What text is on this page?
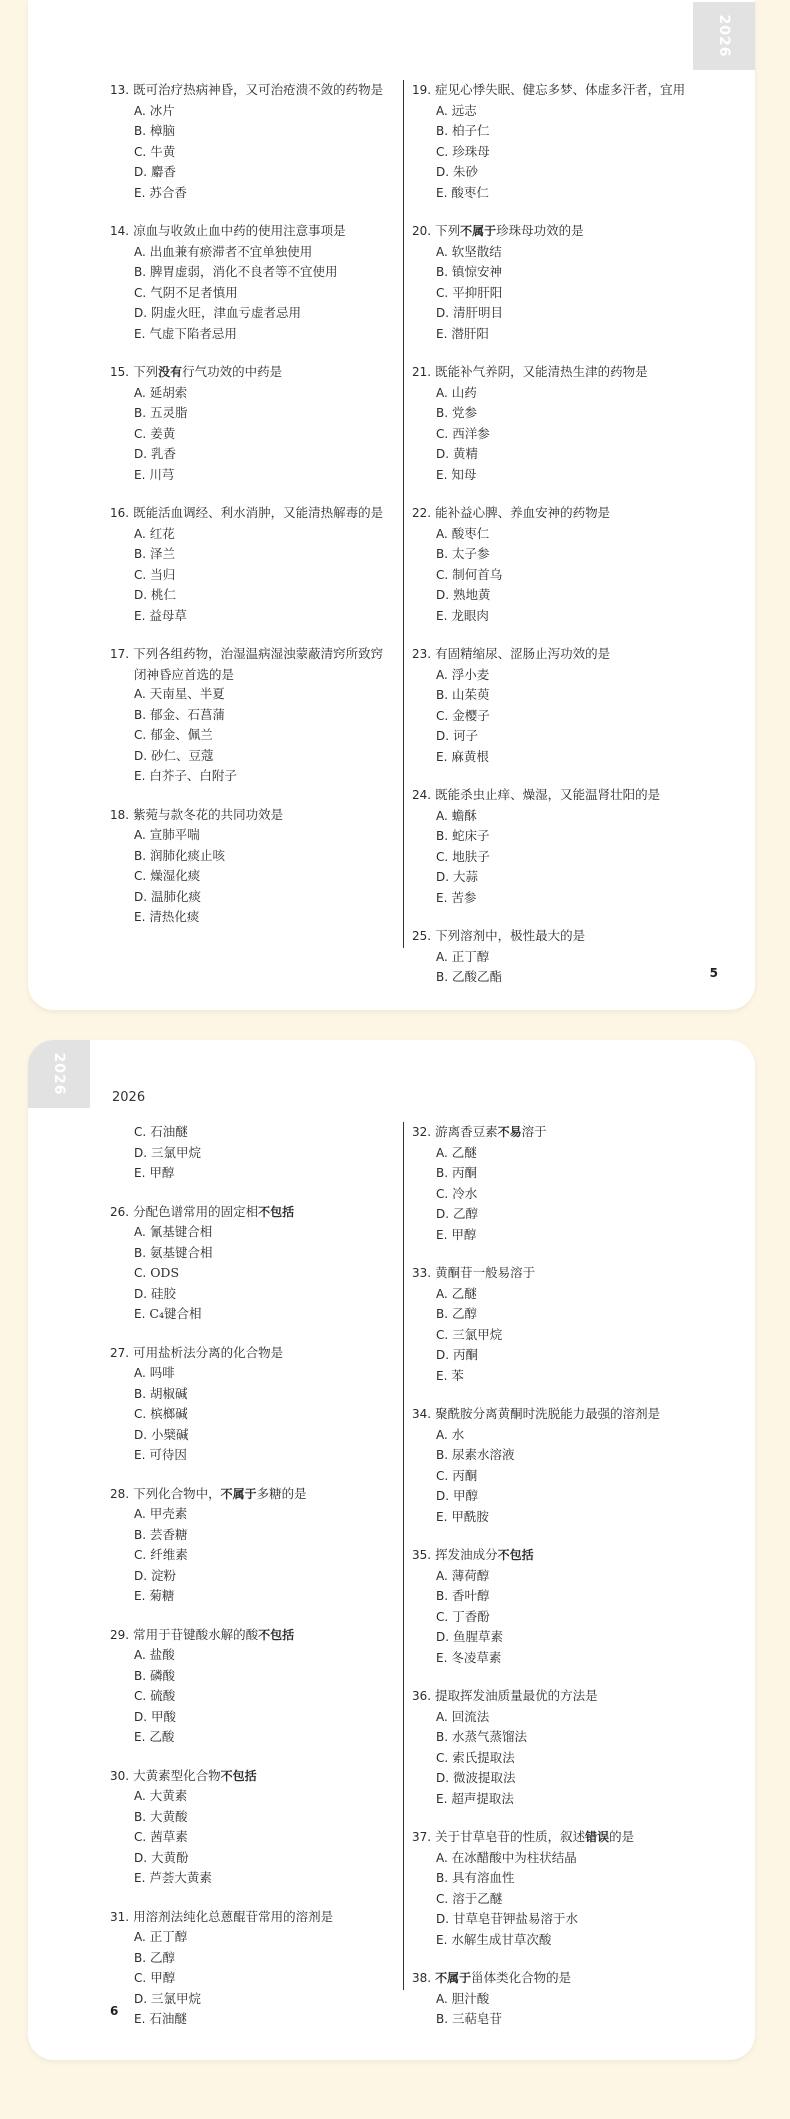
2026
13. 既可治疗热病神昏，又可治疮溃不敛的药物是
A. 冰片
B. 樟脑
C. 牛黄
D. 麝香
E. 苏合香
14. 凉血与收敛止血中药的使用注意事项是
A. 出血兼有瘀滞者不宜单独使用
B. 脾胃虚弱，消化不良者等不宜使用
C. 气阴不足者慎用
D. 阴虚火旺，津血亏虚者忌用
E. 气虚下陷者忌用
15. 下列没有行气功效的中药是
A. 延胡索
B. 五灵脂
C. 姜黄
D. 乳香
E. 川芎
16. 既能活血调经、利水消肿，又能清热解毒的是
A. 红花
B. 泽兰
C. 当归
D. 桃仁
E. 益母草
17. 下列各组药物，治湿温病湿浊蒙蔽清窍所致窍闭神昏应首选的是
A. 天南星、半夏
B. 郁金、石菖蒲
C. 郁金、佩兰
D. 砂仁、豆蔻
E. 白芥子、白附子
18. 紫菀与款冬花的共同功效是
A. 宣肺平喘
B. 润肺化痰止咳
C. 燥湿化痰
D. 温肺化痰
E. 清热化痰
19. 症见心悸失眠、健忘多梦、体虚多汗者，宜用
A. 远志
B. 柏子仁
C. 珍珠母
D. 朱砂
E. 酸枣仁
20. 下列不属于珍珠母功效的是
A. 软坚散结
B. 镇惊安神
C. 平抑肝阳
D. 清肝明目
E. 潜肝阳
21. 既能补气养阴，又能清热生津的药物是
A. 山药
B. 党参
C. 西洋参
D. 黄精
E. 知母
22. 能补益心脾、养血安神的药物是
A. 酸枣仁
B. 太子参
C. 制何首乌
D. 熟地黄
E. 龙眼肉
23. 有固精缩尿、涩肠止泻功效的是
A. 浮小麦
B. 山茱萸
C. 金樱子
D. 诃子
E. 麻黄根
24. 既能杀虫止痒、燥湿，又能温肾壮阳的是
A. 蟾酥
B. 蛇床子
C. 地肤子
D. 大蒜
E. 苦参
25. 下列溶剂中，极性最大的是
A. 正丁醇
B. 乙酸乙酯	5
2026
2026
C. 石油醚
D. 三氯甲烷
E. 甲醇
26. 分配色谱常用的固定相不包括
A. 氰基键合相
B. 氨基键合相
C. ODS
D. 硅胶
E. C₄键合相
27. 可用盐析法分离的化合物是
A. 吗啡
B. 胡椒碱
C. 槟榔碱
D. 小檗碱
E. 可待因
28. 下列化合物中，不属于多糖的是
A. 甲壳素
B. 芸香糖
C. 纤维素
D. 淀粉
E. 菊糖
29. 常用于苷键酸水解的酸不包括
A. 盐酸
B. 磷酸
C. 硫酸
D. 甲酸
E. 乙酸
30. 大黄素型化合物不包括
A. 大黄素
B. 大黄酸
C. 茜草素
D. 大黄酚
E. 芦荟大黄素
31. 用溶剂法纯化总蒽醌苷常用的溶剂是
A. 正丁醇
B. 乙醇
C. 甲醇
D. 三氯甲烷
E. 石油醚
32. 游离香豆素不易溶于
A. 乙醚
B. 丙酮
C. 冷水
D. 乙醇
E. 甲醇
33. 黄酮苷一般易溶于
A. 乙醚
B. 乙醇
C. 三氯甲烷
D. 丙酮
E. 苯
34. 聚酰胺分离黄酮时洗脱能力最强的溶剂是
A. 水
B. 尿素水溶液
C. 丙酮
D. 甲醇
E. 甲酰胺
35. 挥发油成分不包括
A. 薄荷醇
B. 香叶醇
C. 丁香酚
D. 鱼腥草素
E. 冬凌草素
36. 提取挥发油质量最优的方法是
A. 回流法
B. 水蒸气蒸馏法
C. 索氏提取法
D. 微波提取法
E. 超声提取法
37. 关于甘草皂苷的性质，叙述错误的是
A. 在冰醋酸中为柱状结晶
B. 具有溶血性
C. 溶于乙醚
D. 甘草皂苷钾盐易溶于水
E. 水解生成甘草次酸
38. 不属于甾体类化合物的是
A. 胆汁酸
B. 三萜皂苷
6
